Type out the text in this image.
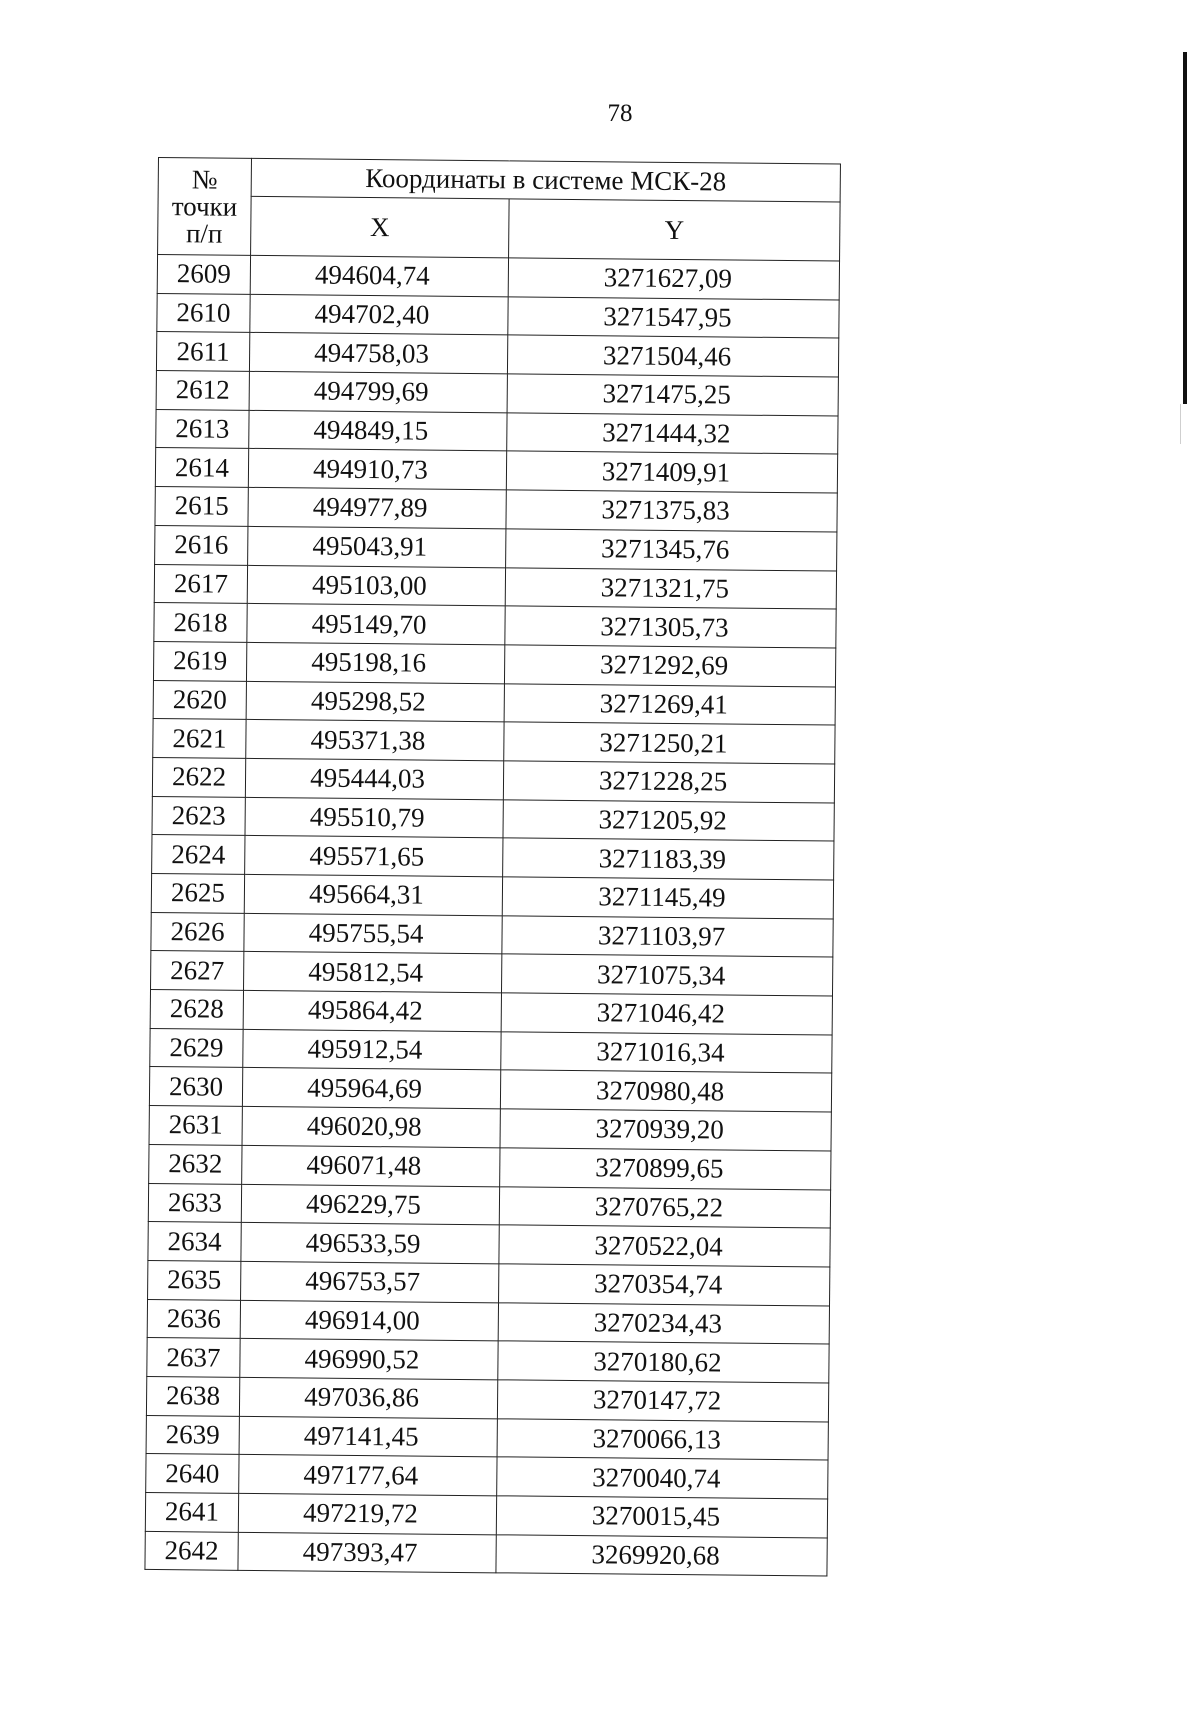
78
№ точки п/п	Координаты в системе МСК-28	
	X	Y
2609	494604,74	3271627,09
2610	494702,40	3271547,95
2611	494758,03	3271504,46
2612	494799,69	3271475,25
2613	494849,15	3271444,32
2614	494910,73	3271409,91
2615	494977,89	3271375,83
2616	495043,91	3271345,76
2617	495103,00	3271321,75
2618	495149,70	3271305,73
2619	495198,16	3271292,69
2620	495298,52	3271269,41
2621	495371,38	3271250,21
2622	495444,03	3271228,25
2623	495510,79	3271205,92
2624	495571,65	3271183,39
2625	495664,31	3271145,49
2626	495755,54	3271103,97
2627	495812,54	3271075,34
2628	495864,42	3271046,42
2629	495912,54	3271016,34
2630	495964,69	3270980,48
2631	496020,98	3270939,20
2632	496071,48	3270899,65
2633	496229,75	3270765,22
2634	496533,59	3270522,04
2635	496753,57	3270354,74
2636	496914,00	3270234,43
2637	496990,52	3270180,62
2638	497036,86	3270147,72
2639	497141,45	3270066,13
2640	497177,64	3270040,74
2641	497219,72	3270015,45
2642	497393,47	3269920,68
